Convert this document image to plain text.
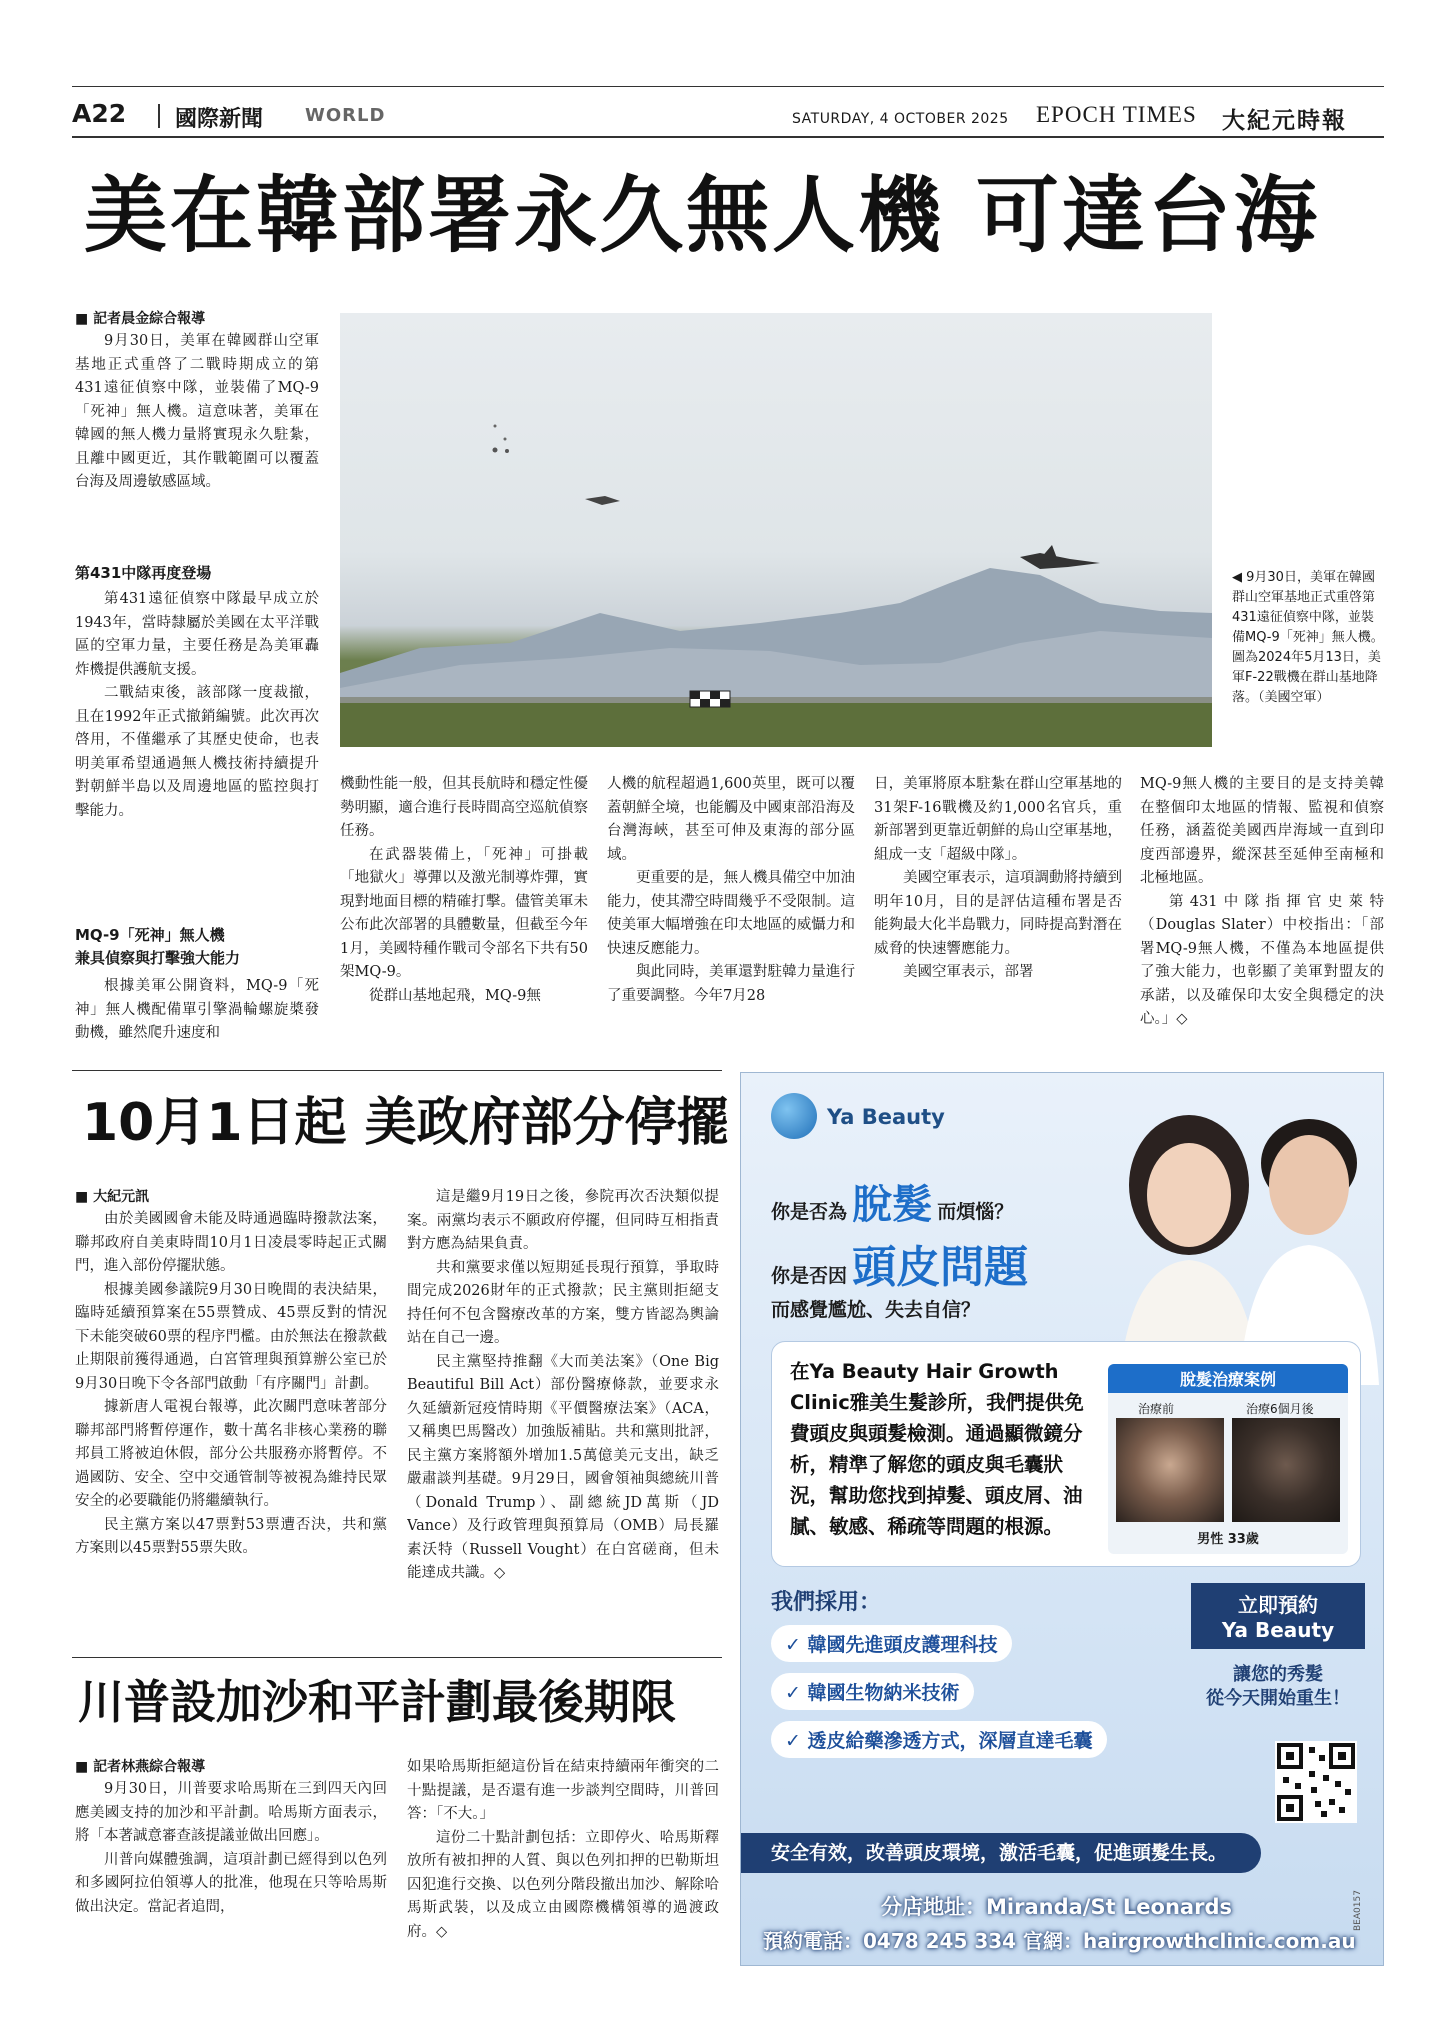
A22 國際新聞 WORLD	SATURDAY, 4 OCTOBER 2025 EPOCH TIMES 大紀元時報
美在韓部署永久無人機 可達台海
■ 記者晨金綜合報導

9月30日，美軍在韓國群山空軍基地正式重啓了二戰時期成立的第431遠征偵察中隊，並裝備了MQ-9「死神」無人機。這意味著，美軍在韓國的無人機力量將實現永久駐紮，且離中國更近，其作戰範圍可以覆蓋台海及周邊敏感區域。

第431中隊再度登場

第431遠征偵察中隊最早成立於1943年，當時隸屬於美國在太平洋戰區的空軍力量，主要任務是為美軍轟炸機提供護航支援。

二戰結束後，該部隊一度裁撤，且在1992年正式撤銷編號。此次再次啓用，不僅繼承了其歷史使命，也表明美軍希望通過無人機技術持續提升對朝鮮半島以及周邊地區的監控與打擊能力。

MQ-9「死神」無人機
兼具偵察與打擊強大能力

根據美軍公開資料，MQ-9「死神」無人機配備單引擎渦輪螺旋槳發動機，雖然爬升速度和

◀ 9月30日，美軍在韓國群山空軍基地正式重啓第431遠征偵察中隊，並裝備MQ-9「死神」無人機。圖為2024年5月13日，美軍F-22戰機在群山基地降落。（美國空軍）
機動性能一般，但其長航時和穩定性優勢明顯，適合進行長時間高空巡航偵察任務。

在武器裝備上，「死神」可掛載「地獄火」導彈以及激光制導炸彈，實現對地面目標的精確打擊。儘管美軍未公布此次部署的具體數量，但截至今年1月，美國特種作戰司令部名下共有50架MQ-9。

從群山基地起飛，MQ-9無

人機的航程超過1,600英里，既可以覆蓋朝鮮全境，也能觸及中國東部沿海及台灣海峽，甚至可伸及東海的部分區域。

更重要的是，無人機具備空中加油能力，使其滯空時間幾乎不受限制。這使美軍大幅增強在印太地區的威懾力和快速反應能力。

與此同時，美軍還對駐韓力量進行了重要調整。今年7月28

日，美軍將原本駐紮在群山空軍基地的31架F-16戰機及約1,000名官兵，重新部署到更靠近朝鮮的烏山空軍基地，組成一支「超級中隊」。

美國空軍表示，這項調動將持續到明年10月，目的是評估這種布署是否能夠最大化半島戰力，同時提高對潛在威脅的快速響應能力。

美國空軍表示，部署

MQ-9無人機的主要目的是支持美韓在整個印太地區的情報、監視和偵察任務，涵蓋從美國西岸海域一直到印度西部邊界，縱深甚至延伸至南極和北極地區。

第431中隊指揮官史萊特（Douglas Slater）中校指出：「部署MQ-9無人機，不僅為本地區提供了強大能力，也彰顯了美軍對盟友的承諾，以及確保印太安全與穩定的決心。」◇

10月1日起 美政府部分停擺
■ 大紀元訊

由於美國國會未能及時通過臨時撥款法案，聯邦政府自美東時間10月1日凌晨零時起正式關門，進入部份停擺狀態。

根據美國參議院9月30日晚間的表決結果，臨時延續預算案在55票贊成、45票反對的情況下未能突破60票的程序門檻。由於無法在撥款截止期限前獲得通過，白宮管理與預算辦公室已於9月30日晚下令各部門啟動「有序關門」計劃。

據新唐人電視台報導，此次關門意味著部分聯邦部門將暫停運作，數十萬名非核心業務的聯邦員工將被迫休假，部分公共服務亦將暫停。不過國防、安全、空中交通管制等被視為維持民眾安全的必要職能仍將繼續執行。

民主黨方案以47票對53票遭否決，共和黨方案則以45票對55票失敗。

這是繼9月19日之後，參院再次否決類似提案。兩黨均表示不願政府停擺，但同時互相指責對方應為結果負責。

共和黨要求僅以短期延長現行預算，爭取時間完成2026財年的正式撥款；民主黨則拒絕支持任何不包含醫療改革的方案，雙方皆認為輿論站在自己一邊。

民主黨堅持推翻《大而美法案》（One Big Beautiful Bill Act）部份醫療條款，並要求永久延續新冠疫情時期《平價醫療法案》（ACA，又稱奧巴馬醫改）加強版補貼。共和黨則批評，民主黨方案將額外增加1.5萬億美元支出，缺乏嚴肅談判基礎。9月29日，國會領袖與總統川普（Donald Trump）、副總統JD萬斯（JD Vance）及行政管理與預算局（OMB）局長羅素沃特（Russell Vought）在白宮磋商，但未能達成共識。◇

川普設加沙和平計劃最後期限
■ 記者林燕綜合報導

9月30日，川普要求哈馬斯在三到四天內回應美國支持的加沙和平計劃。哈馬斯方面表示，將「本著誠意審查該提議並做出回應」。

川普向媒體強調，這項計劃已經得到以色列和多國阿拉伯領導人的批准，他現在只等哈馬斯做出決定。當記者追問，

如果哈馬斯拒絕這份旨在結束持續兩年衝突的二十點提議，是否還有進一步談判空間時，川普回答：「不大。」

這份二十點計劃包括：立即停火、哈馬斯釋放所有被扣押的人質、與以色列扣押的巴勒斯坦囚犯進行交換、以色列分階段撤出加沙、解除哈馬斯武裝，以及成立由國際機構領導的過渡政府。◇

Ya Beauty
你是否為 脫髮 而煩惱？
你是否因 頭皮問題
而感覺尷尬、失去自信？
在Ya Beauty Hair Growth Clinic雅美生髮診所，我們提供免費頭皮與頭髮檢測。通過顯微鏡分析，精準了解您的頭皮與毛囊狀況，幫助您找到掉髮、頭皮屑、油膩、敏感、稀疏等問題的根源。
脫髮治療案例
治療前	治療6個月後
男性 33歲
我們採用：
✓ 韓國先進頭皮護理科技
✓ 韓國生物納米技術
✓ 透皮給藥滲透方式，深層直達毛囊
立即預約
Ya Beauty
讓您的秀髮
從今天開始重生！
安全有效，改善頭皮環境，激活毛囊，促進頭髮生長。
分店地址：Miranda/St Leonards
預約電話：0478 245 334 官網：hairgrowthclinic.com.au
BEA0157
